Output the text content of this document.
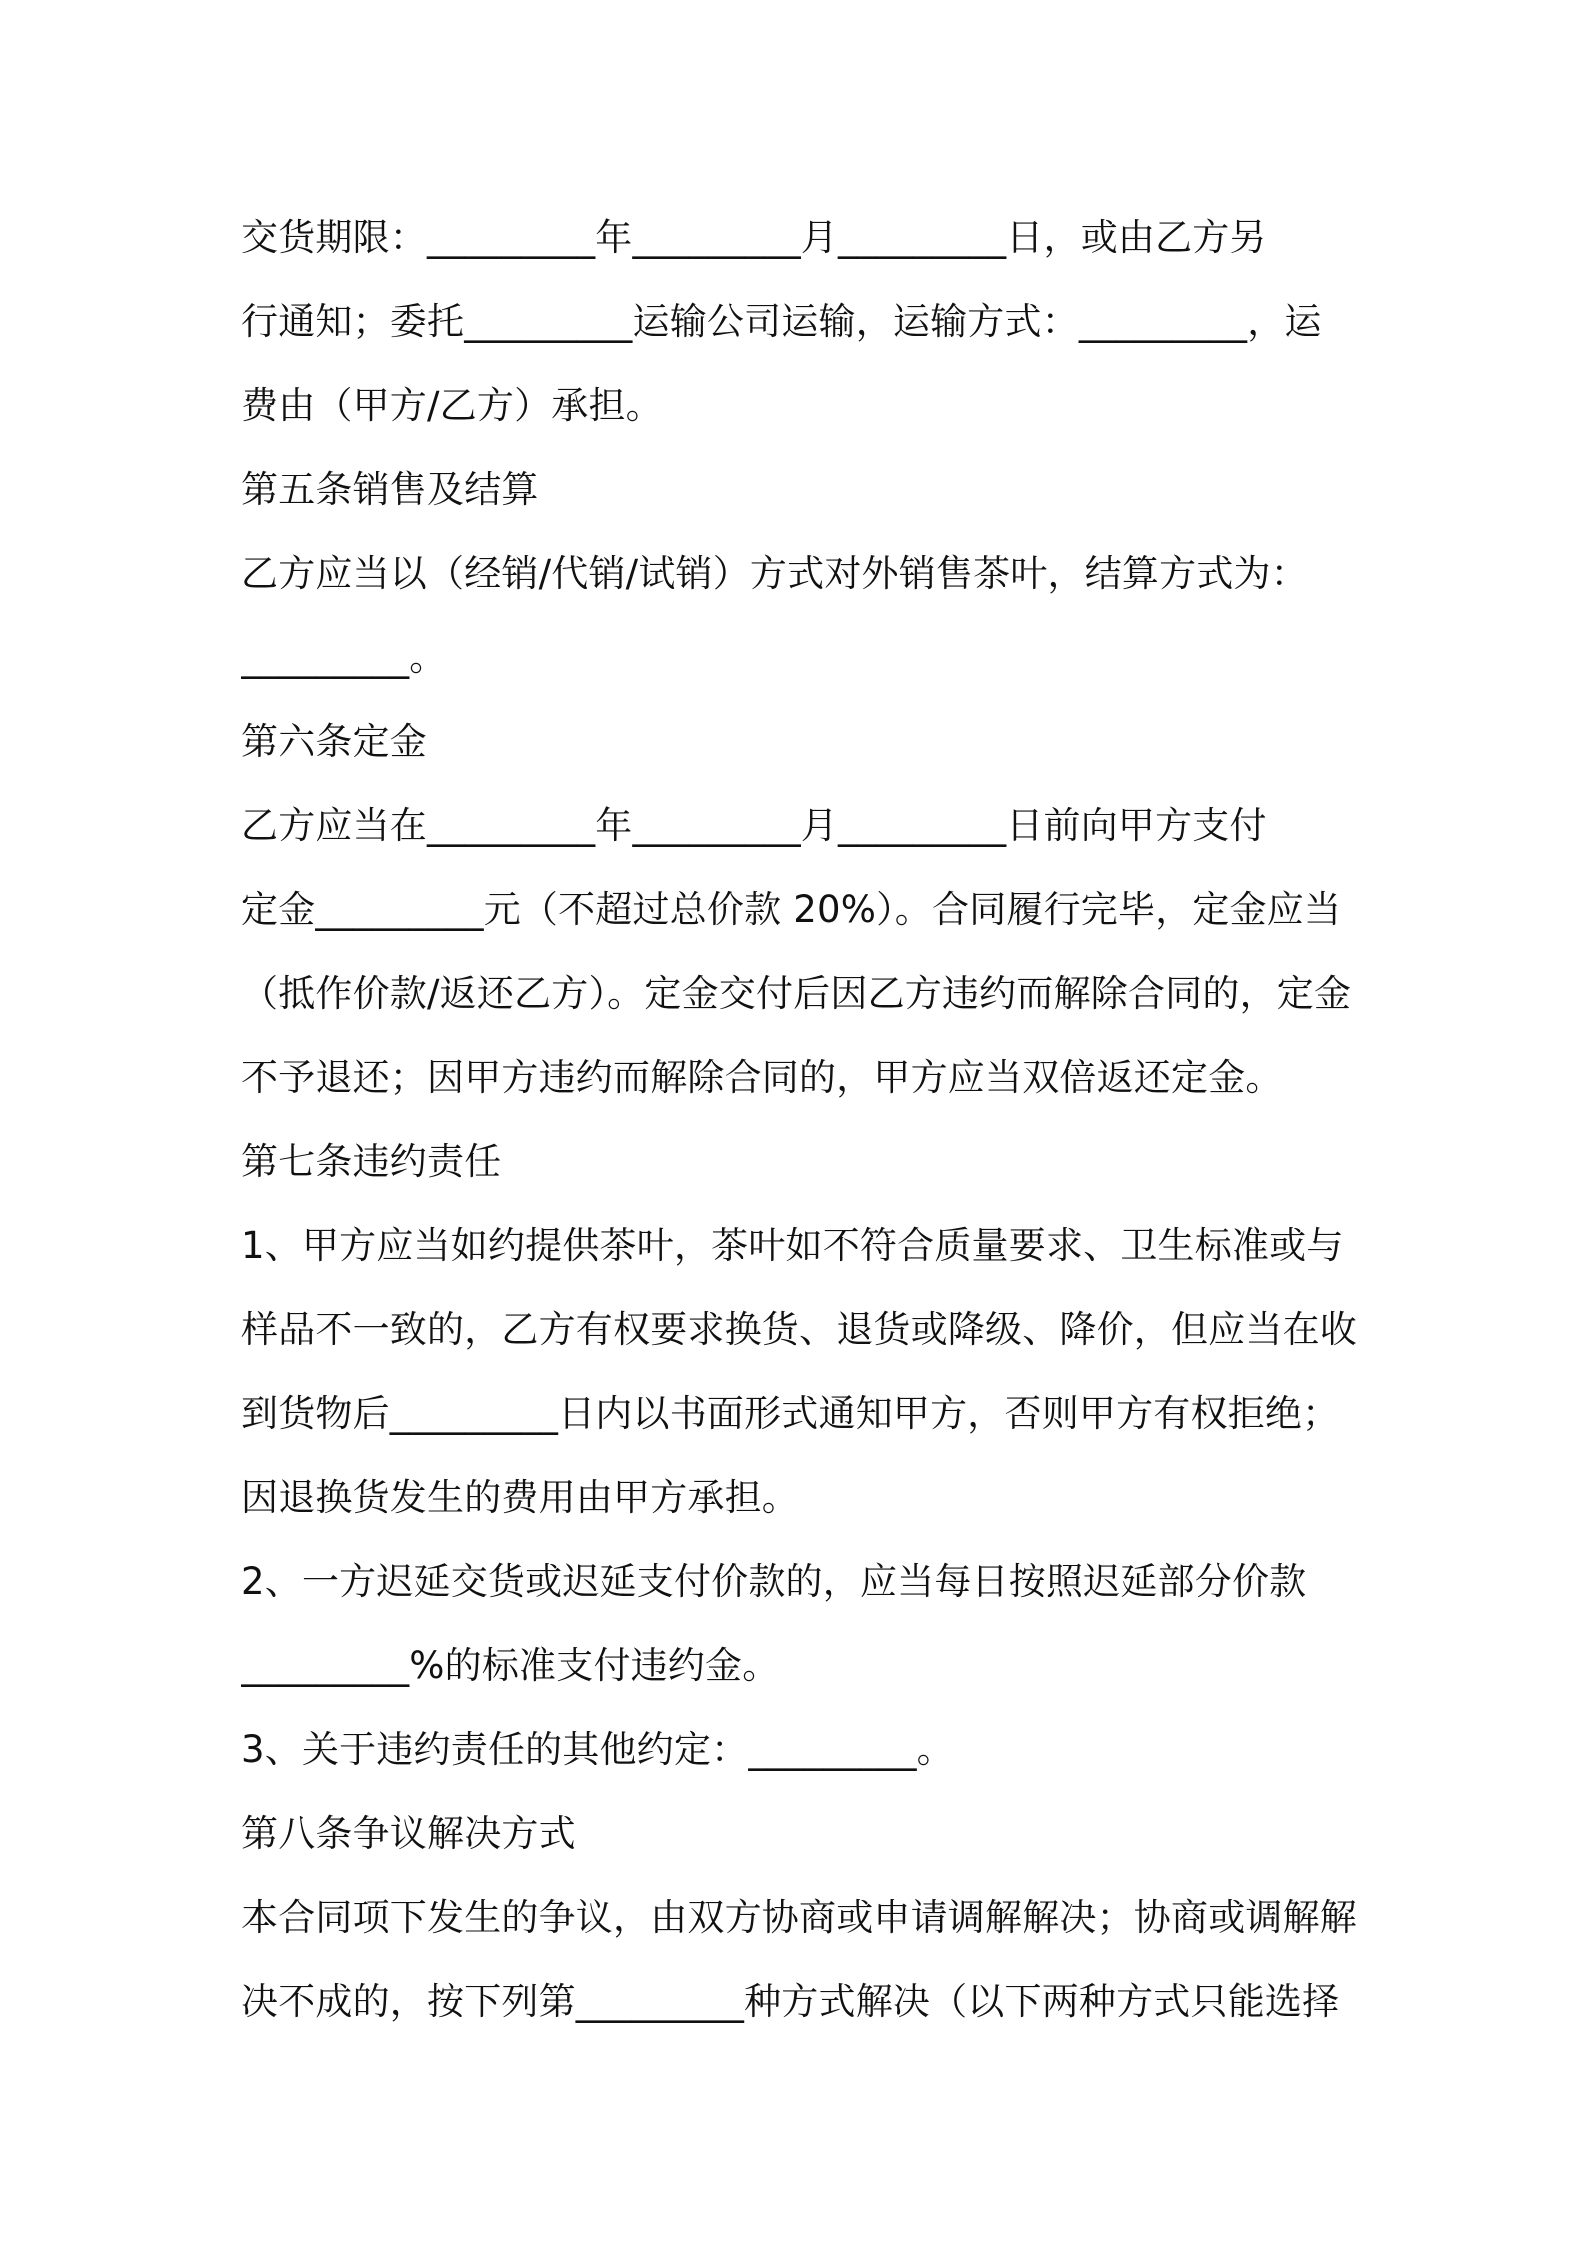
交货期限：_________年_________月_________日，或由乙方另
行通知；委托_________运输公司运输，运输方式：_________，运
费由（甲方/乙方）承担。
第五条销售及结算
乙方应当以（经销/代销/试销）方式对外销售茶叶，结算方式为：
_________。
第六条定金
乙方应当在_________年_________月_________日前向甲方支付
定金_________元（不超过总价款 20%）。合同履行完毕，定金应当
（抵作价款/返还乙方）。定金交付后因乙方违约而解除合同的，定金
不予退还；因甲方违约而解除合同的，甲方应当双倍返还定金。
第七条违约责任
1、甲方应当如约提供茶叶，茶叶如不符合质量要求、卫生标准或与
样品不一致的，乙方有权要求换货、退货或降级、降价，但应当在收
到货物后_________日内以书面形式通知甲方，否则甲方有权拒绝；
因退换货发生的费用由甲方承担。
2、一方迟延交货或迟延支付价款的，应当每日按照迟延部分价款
_________%的标准支付违约金。
3、关于违约责任的其他约定：_________。
第八条争议解决方式
本合同项下发生的争议，由双方协商或申请调解解决；协商或调解解
决不成的，按下列第_________种方式解决（以下两种方式只能选择
